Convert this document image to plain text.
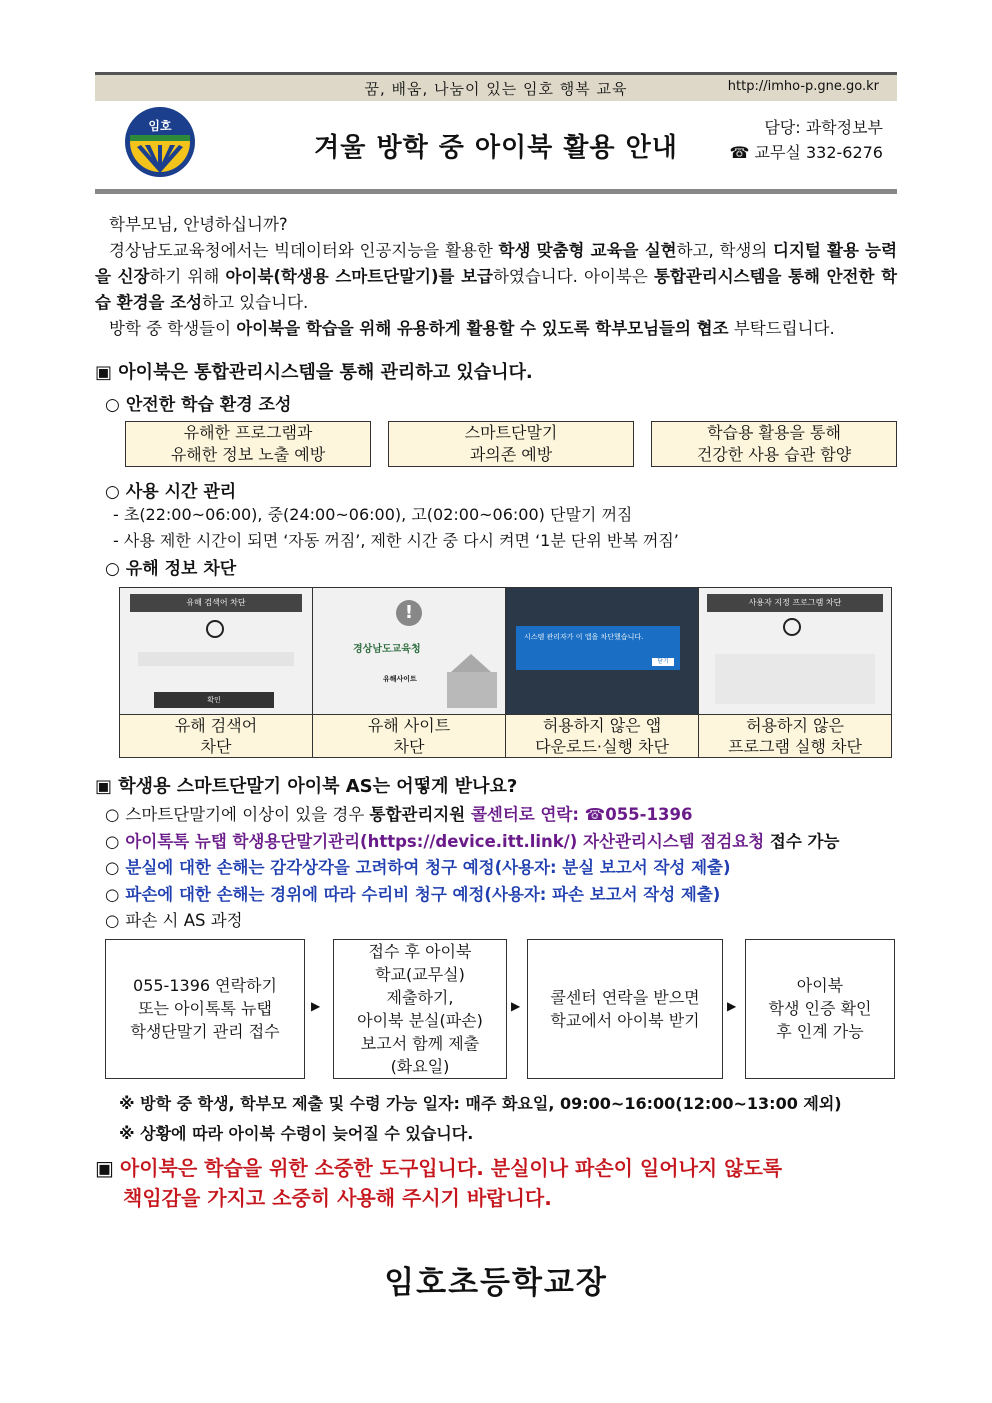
꿈, 배움, 나눔이 있는 임호 행복 교육	http://imho-p.gne.go.kr
임호
겨울 방학 중 아이북 활용 안내
담당: 과학정보부
☎ 교무실 332-6276

학부모님, 안녕하십니까?

경상남도교육청에서는 빅데이터와 인공지능을 활용한 학생 맞춤형 교육을 실현하고, 학생의 디지털 활용 능력을 신장하기 위해 아이북(학생용 스마트단말기)를 보급하였습니다. 아이북은 통합관리시스템을 통해 안전한 학습 환경을 조성하고 있습니다.

방학 중 학생들이 아이북을 학습을 위해 유용하게 활용할 수 있도록 학부모님들의 협조 부탁드립니다.

▣ 아이북은 통합관리시스템을 통해 관리하고 있습니다.
○ 안전한 학습 환경 조성
유해한 프로그램과
유해한 정보 노출 예방
스마트단말기
과의존 예방
학습용 활용을 통해
건강한 사용 습관 함양
○ 사용 시간 관리
- 초(22:00~06:00), 중(24:00~06:00), 고(02:00~06:00) 단말기 꺼짐
- 사용 제한 시간이 되면 ‘자동 꺼짐’, 제한 시간 중 다시 켜면 ‘1분 단위 반복 꺼짐’
○ 유해 정보 차단
유해 검색어 차단
확인
유해 검색어
차단
!
경상남도교육청
유해사이트
유해 사이트
차단
시스템 관리자가 이 앱을 차단했습니다.
닫기
허용하지 않은 앱
다운로드·실행 차단
사용자 지정 프로그램 차단
허용하지 않은
프로그램 실행 차단
▣ 학생용 스마트단말기 아이북 AS는 어떻게 받나요?
○ 스마트단말기에 이상이 있을 경우 통합관리지원 콜센터로 연락: ☎055-1396
○ 아이톡톡 뉴탭 학생용단말기관리(https://device.itt.link/) 자산관리시스템 점검요청 접수 가능
○ 분실에 대한 손해는 감각상각을 고려하여 청구 예정(사용자: 분실 보고서 작성 제출)
○ 파손에 대한 손해는 경위에 따라 수리비 청구 예정(사용자: 파손 보고서 작성 제출)
○ 파손 시 AS 과정
055-1396 연락하기
또는 아이톡톡 뉴탭
학생단말기 관리 접수
▶
접수 후 아이북
학교(교무실)
제출하기,
아이북 분실(파손)
보고서 함께 제출
(화요일)
▶ 콜센터 연락을 받으면
학교에서 아이북 받기
▶
아이북
학생 인증 확인
후 인계 가능
※ 방학 중 학생, 학부모 제출 및 수령 가능 일자: 매주 화요일, 09:00~16:00(12:00~13:00 제외)
※ 상황에 따라 아이북 수령이 늦어질 수 있습니다.
▣ 아이북은 학습을 위한 소중한 도구입니다. 분실이나 파손이 일어나지 않도록
책임감을 가지고 소중히 사용해 주시기 바랍니다.
임호초등학교장
